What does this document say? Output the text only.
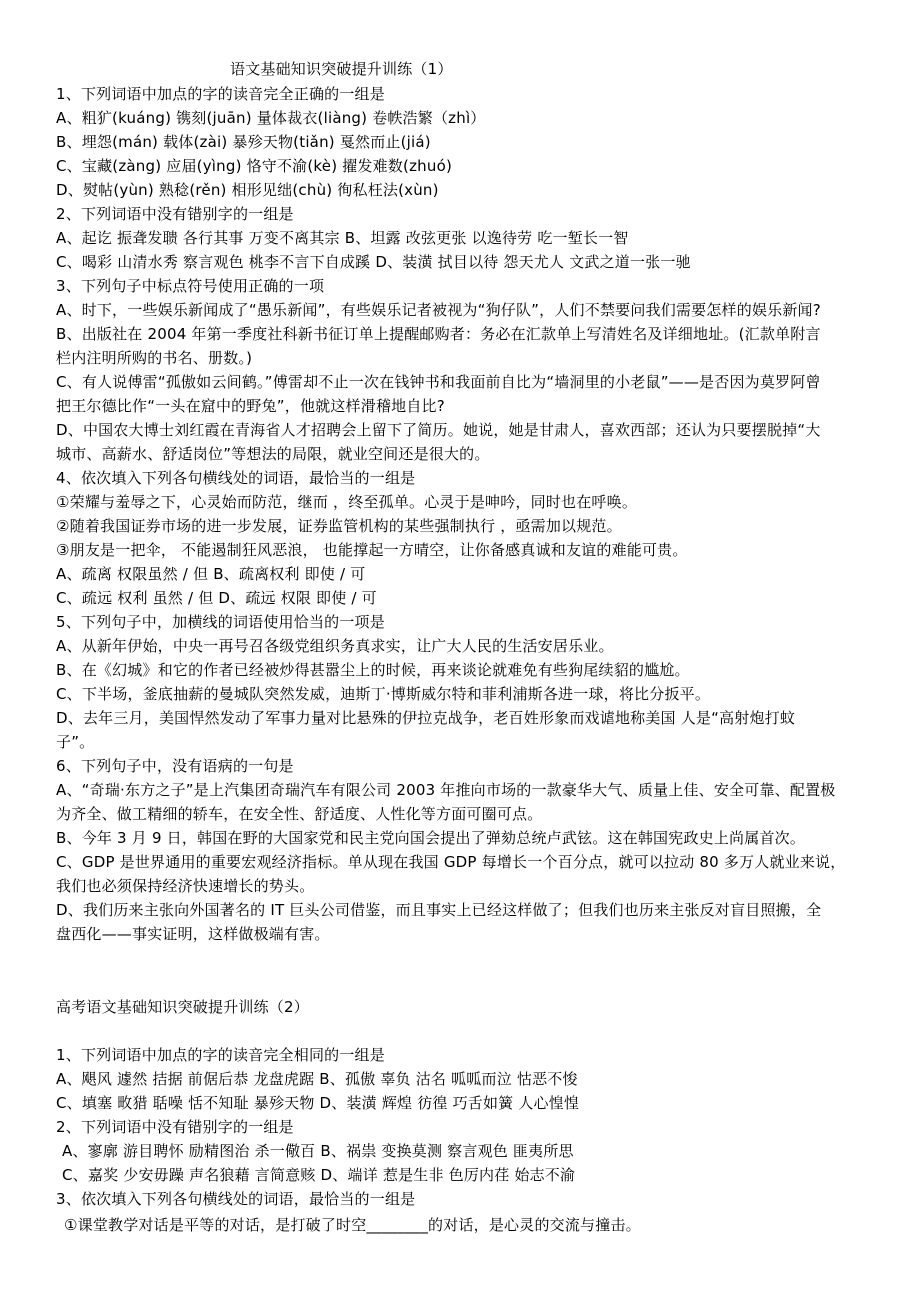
语文基础知识突破提升训练（1）
1、下列词语中加点的字的读音完全正确的一组是
A、粗犷(kuáng) 镌刻(juān) 量体裁衣(liàng) 卷帙浩繁（zhì）
B、埋怨(mán) 载体(zài) 暴殄天物(tiǎn) 戛然而止(jiá)
C、宝藏(zàng) 应届(yìng) 恪守不渝(kè) 擢发难数(zhuó)
D、熨帖(yùn) 熟稔(rěn) 相形见绌(chù) 徇私枉法(xùn)
2、下列词语中没有错别字的一组是
A、起讫 振聋发聩 各行其事 万变不离其宗 B、坦露 改弦更张 以逸待劳 吃一堑长一智
C、喝彩 山清水秀 察言观色 桃李不言下自成蹊 D、装潢 拭目以待 怨天尤人 文武之道一张一驰
3、下列句子中标点符号使用正确的一项
A、时下，一些娱乐新闻成了“愚乐新闻”，有些娱乐记者被视为“狗仔队”，人们不禁要问我们需要怎样的娱乐新闻?
B、出版社在 2004 年第一季度社科新书征订单上提醒邮购者：务必在汇款单上写清姓名及详细地址。(汇款单附言
栏内注明所购的书名、册数。)
C、有人说傅雷“孤傲如云间鹤。”傅雷却不止一次在钱钟书和我面前自比为“墙洞里的小老鼠”——是否因为莫罗阿曾
把王尔德比作“一头在窟中的野兔”，他就这样滑稽地自比?
D、中国农大博士刘红霞在青海省人才招聘会上留下了简历。她说，她是甘肃人，喜欢西部；还认为只要摆脱掉“大
城市、高薪水、舒适岗位”等想法的局限，就业空间还是很大的。
4、依次填入下列各句横线处的词语，最恰当的一组是
①荣耀与羞辱之下，心灵始而防范，继而 ，终至孤单。心灵于是呻吟，同时也在呼唤。
②随着我国证券市场的进一步发展，证券监管机构的某些强制执行 ，亟需加以规范。
③朋友是一把伞， 不能遏制狂风恶浪， 也能撑起一方晴空，让你备感真诚和友谊的难能可贵。
A、疏离 权限虽然 / 但 B、疏离权利 即使 / 可
C、疏远 权利 虽然 / 但 D、疏远 权限 即使 / 可
5、下列句子中，加横线的词语使用恰当的一项是
A、从新年伊始，中央一再号召各级党组织务真求实，让广大人民的生活安居乐业。
B、在《幻城》和它的作者已经被炒得甚嚣尘上的时候，再来谈论就难免有些狗尾续貂的尴尬。
C、下半场，釜底抽薪的曼城队突然发威，迪斯丁·博斯威尔特和菲利浦斯各进一球，将比分扳平。
D、去年三月，美国悍然发动了军事力量对比悬殊的伊拉克战争，老百姓形象而戏谑地称美国 人是“高射炮打蚊
子”。
6、下列句子中，没有语病的一句是
A、“奇瑞·东方之子”是上汽集团奇瑞汽车有限公司 2003 年推向市场的一款豪华大气、质量上佳、安全可靠、配置极
为齐全、做工精细的轿车，在安全性、舒适度、人性化等方面可圈可点。
B、今年 3 月 9 日，韩国在野的大国家党和民主党向国会提出了弹劾总统卢武铉。这在韩国宪政史上尚属首次。
C、GDP 是世界通用的重要宏观经济指标。单从现在我国 GDP 每增长一个百分点，就可以拉动 80 多万人就业来说，
我们也必须保持经济快速增长的势头。
D、我们历来主张向外国著名的 IT 巨头公司借鉴，而且事实上已经这样做了；但我们也历来主张反对盲目照搬，全
盘西化——事实证明，这样做极端有害。
高考语文基础知识突破提升训练（2）
1、下列词语中加点的字的读音完全相同的一组是
A、飓风 遽然 拮据 前倨后恭 龙盘虎踞 B、孤傲 辜负 沽名 呱呱而泣 怙恶不悛
C、填塞 畋猎 聒噪 恬不知耻 暴殄天物 D、装潢 辉煌 彷徨 巧舌如簧 人心惶惶
2、下列词语中没有错别字的一组是
A、寥廓 游目聘怀 励精图治 杀一儆百 B、祸祟 变换莫测 察言观色 匪夷所思
C、嘉奖 少安毋躁 声名狼藉 言简意赅 D、端详 惹是生非 色厉内荏 始志不渝
3、依次填入下列各句横线处的词语，最恰当的一组是
①课堂教学对话是平等的对话，是打破了时空________的对话，是心灵的交流与撞击。
